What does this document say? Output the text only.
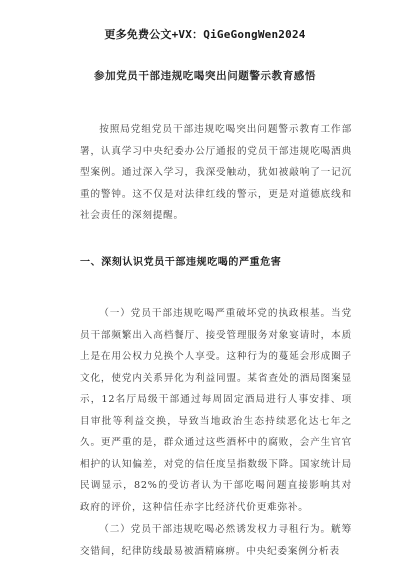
更多免费公文+VX：QiGeGongWen2024
参加党员干部违规吃喝突出问题警示教育感悟

按照局党组党员干部违规吃喝突出问题警示教育工作部署，认真学习中央纪委办公厅通报的党员干部违规吃喝酒典型案例。通过深入学习，我深受触动，犹如被敲响了一记沉重的警钟。这不仅是对法律红线的警示，更是对道德底线和社会责任的深刻提醒。

一、深刻认识党员干部违规吃喝的严重危害

（一）党员干部违规吃喝严重破坏党的执政根基。当党员干部频繁出入高档餐厅、接受管理服务对象宴请时，本质上是在用公权力兑换个人享受。这种行为的蔓延会形成圈子文化，使党内关系异化为利益同盟。某省查处的酒局图案显示，12名厅局级干部通过每周固定酒局进行人事安排、项目审批等利益交换，导致当地政治生态持续恶化达七年之久。更严重的是，群众通过这些酒杯中的腐败，会产生官官相护的认知偏差，对党的信任度呈指数级下降。国家统计局民调显示，82%的受访者认为干部吃喝问题直接影响其对政府的评价，这种信任赤字比经济代价更难弥补。

（二）党员干部违规吃喝必然诱发权力寻租行为。觥筹交错间，纪律防线最易被酒精麻痹。中央纪委案例分析表
